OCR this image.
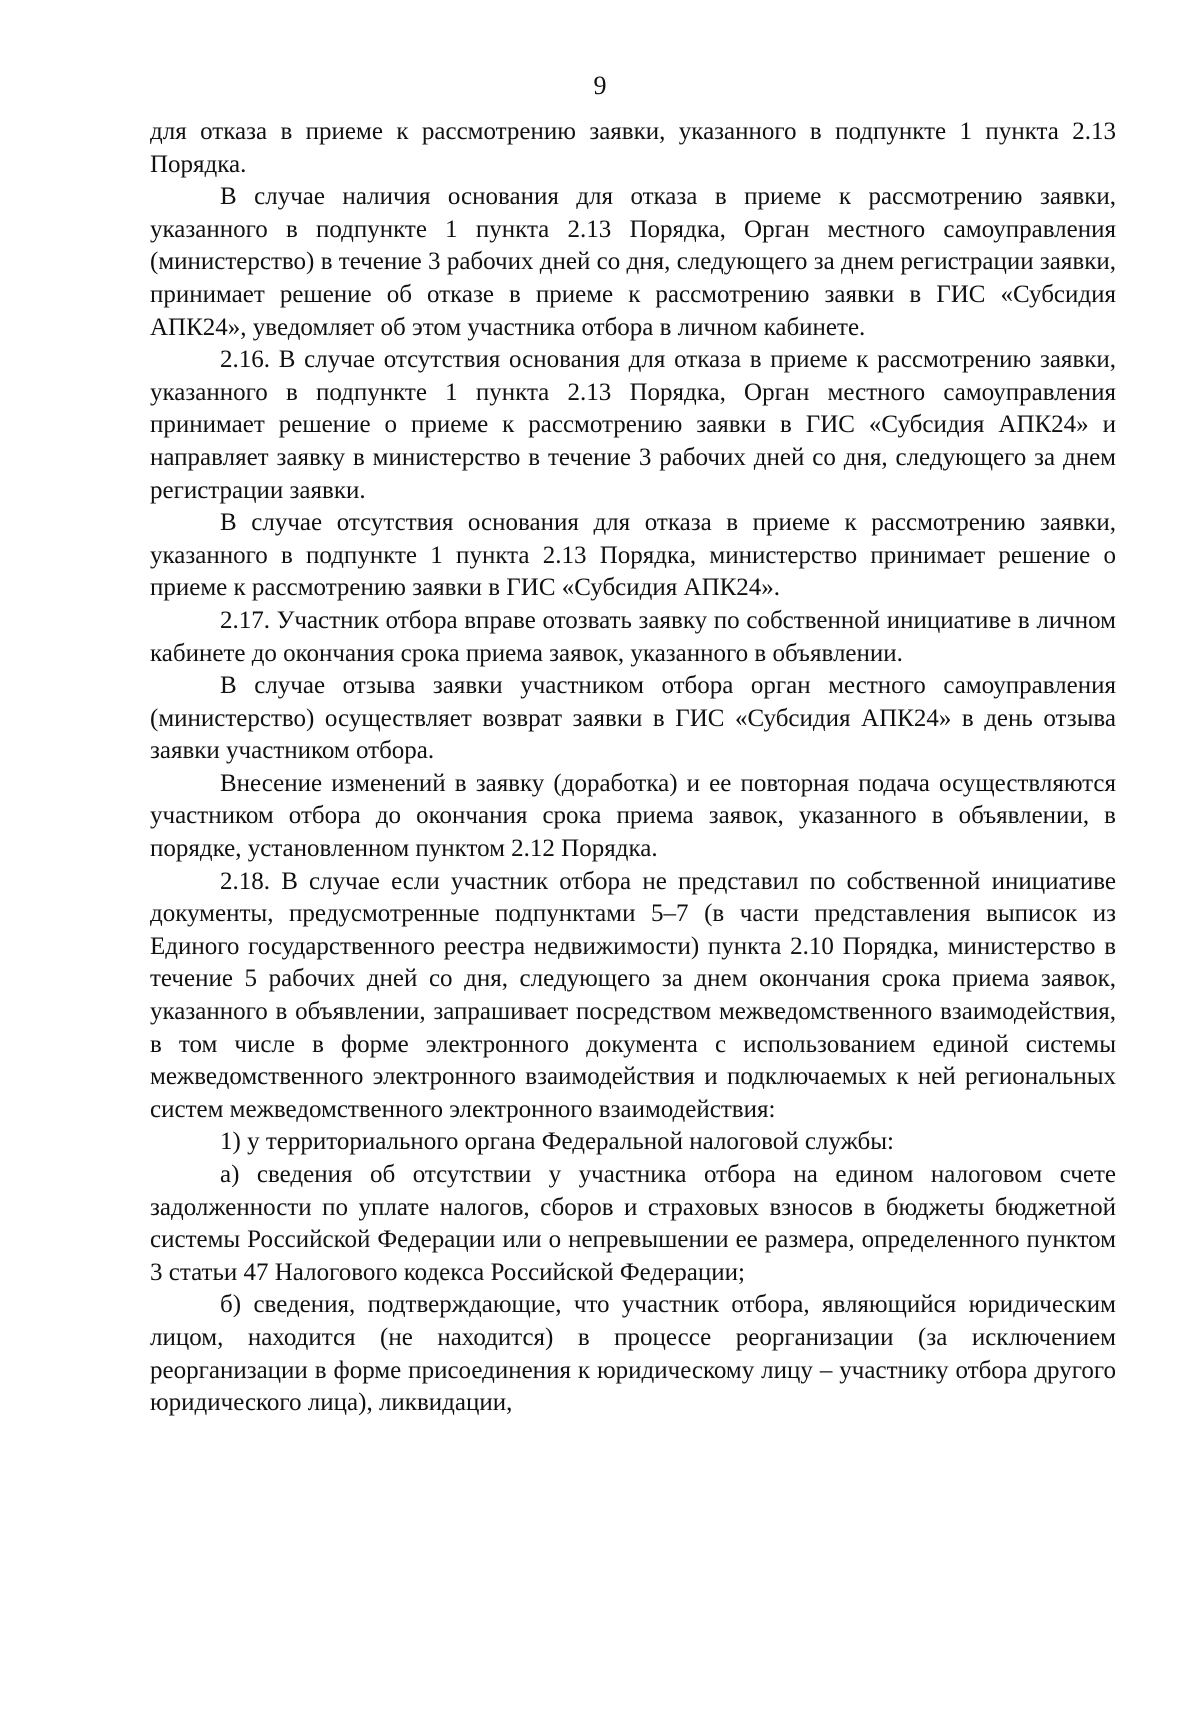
9

для отказа в приеме к рассмотрению заявки, указанного в подпункте 1 пункта 2.13 Порядка.

В случае наличия основания для отказа в приеме к рассмотрению заявки, указанного в подпункте 1 пункта 2.13 Порядка, Орган местного самоуправления (министерство) в течение 3 рабочих дней со дня, следующего за днем регистрации заявки, принимает решение об отказе в приеме к рассмотрению заявки в ГИС «Субсидия АПК24», уведомляет об этом участника отбора в личном кабинете.

2.16. В случае отсутствия основания для отказа в приеме к рассмотрению заявки, указанного в подпункте 1 пункта 2.13 Порядка, Орган местного самоуправления принимает решение о приеме к рассмотрению заявки в ГИС «Субсидия АПК24» и направляет заявку в министерство в течение 3 рабочих дней со дня, следующего за днем регистрации заявки.

В случае отсутствия основания для отказа в приеме к рассмотрению заявки, указанного в подпункте 1 пункта 2.13 Порядка, министерство принимает решение о приеме к рассмотрению заявки в ГИС «Субсидия АПК24».

2.17. Участник отбора вправе отозвать заявку по собственной инициативе в личном кабинете до окончания срока приема заявок, указанного в объявлении.

В случае отзыва заявки участником отбора орган местного самоуправления (министерство) осуществляет возврат заявки в ГИС «Субсидия АПК24» в день отзыва заявки участником отбора.

Внесение изменений в заявку (доработка) и ее повторная подача осуществляются участником отбора до окончания срока приема заявок, указанного в объявлении, в порядке, установленном пунктом 2.12 Порядка.

2.18. В случае если участник отбора не представил по собственной инициативе документы, предусмотренные подпунктами 5–7 (в части представления выписок из Единого государственного реестра недвижимости) пункта 2.10 Порядка, министерство в течение 5 рабочих дней со дня, следующего за днем окончания срока приема заявок, указанного в объявлении, запрашивает посредством межведомственного взаимодействия, в том числе в форме электронного документа с использованием единой системы межведомственного электронного взаимодействия и подключаемых к ней региональных систем межведомственного электронного взаимодействия:

1) у территориального органа Федеральной налоговой службы:

а) сведения об отсутствии у участника отбора на едином налоговом счете задолженности по уплате налогов, сборов и страховых взносов в бюджеты бюджетной системы Российской Федерации или о непревышении ее размера, определенного пунктом 3 статьи 47 Налогового кодекса Российской Федерации;

б) сведения, подтверждающие, что участник отбора, являющийся юридическим лицом, находится (не находится) в процессе реорганизации (за исключением реорганизации в форме присоединения к юридическому лицу – участнику отбора другого юридического лица), ликвидации,
